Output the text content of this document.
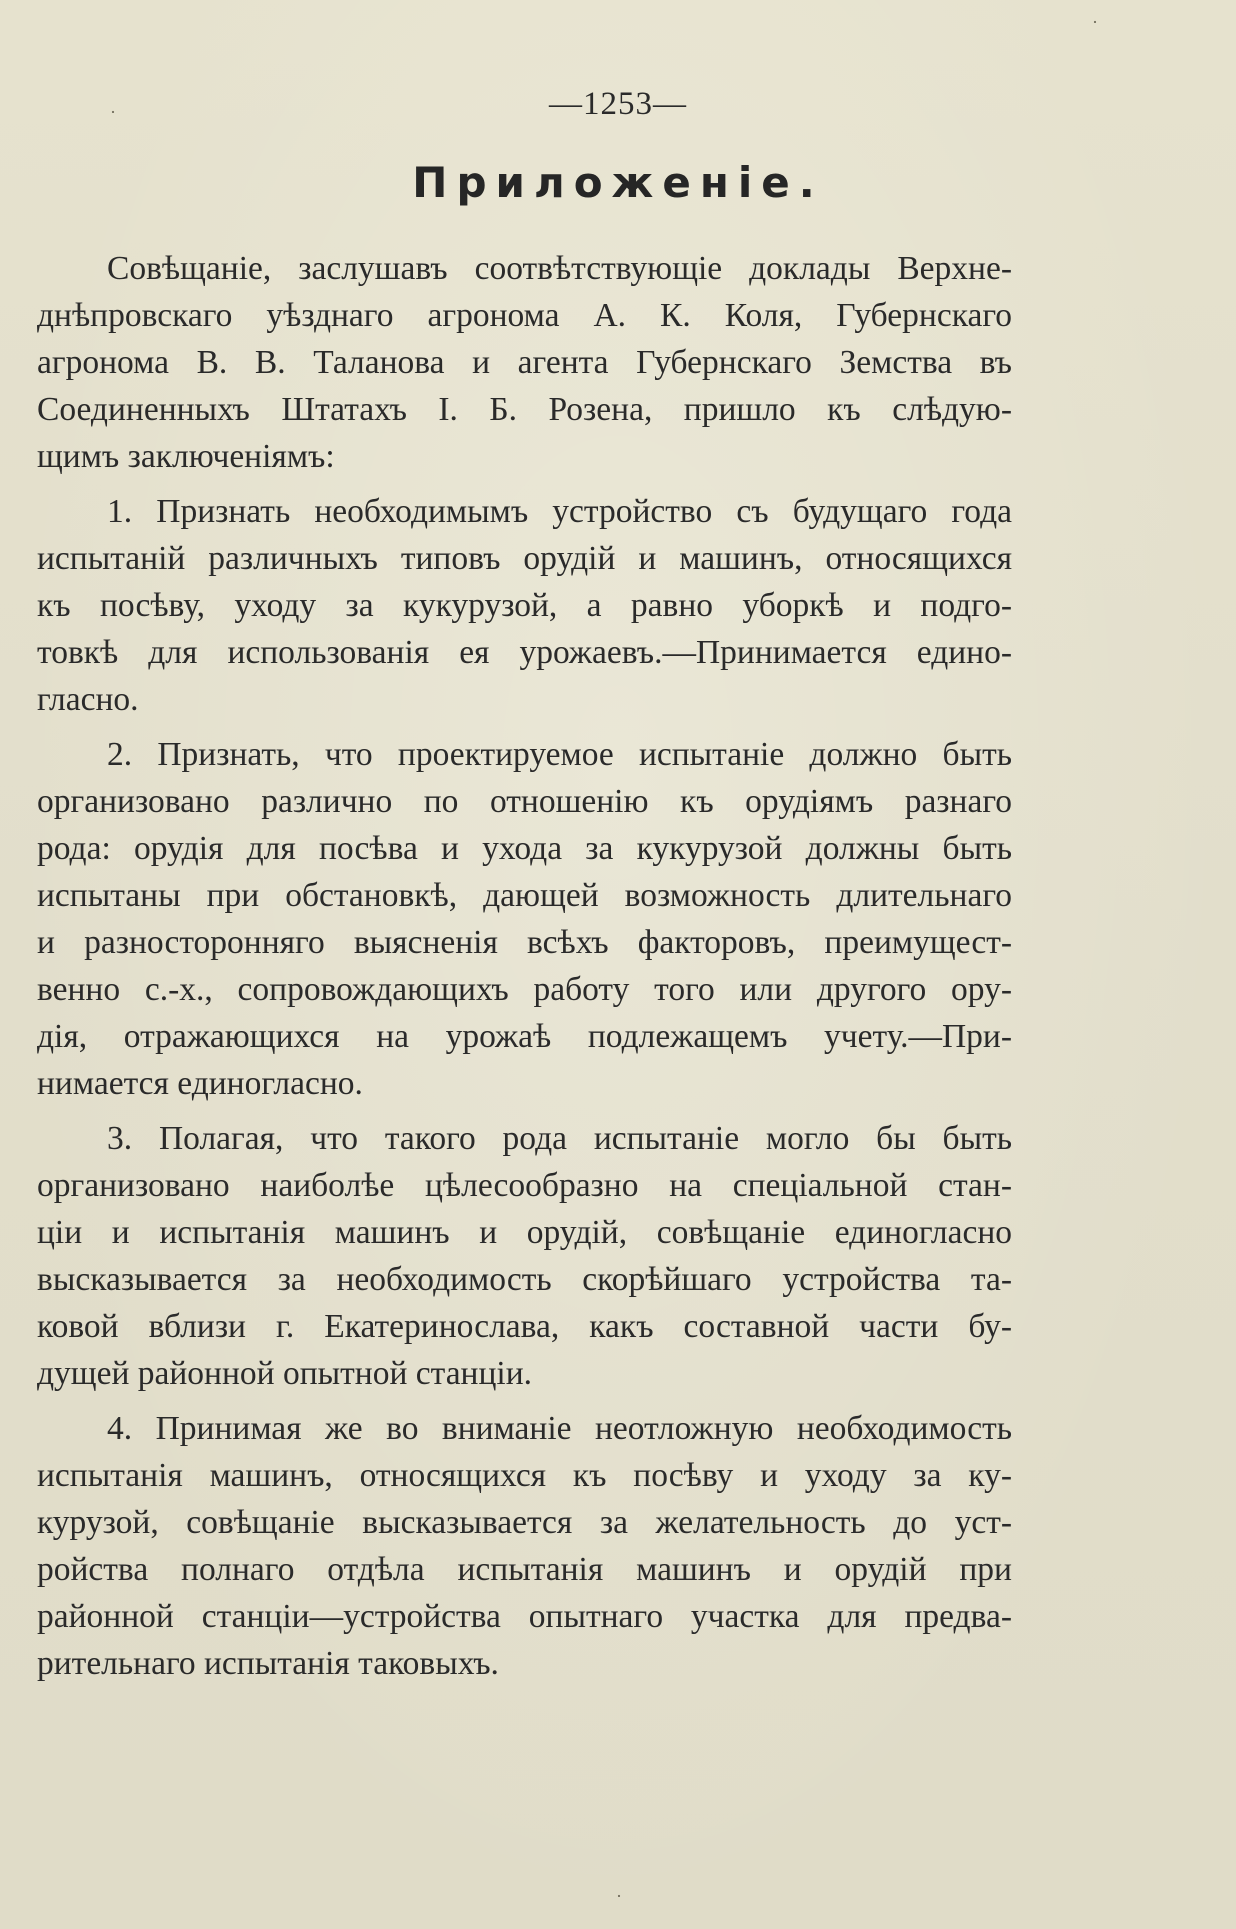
—1253—
Приложеніе.
Совѣщаніе, заслушавъ соотвѣтствующіе доклады Верхне-
днѣпровскаго уѣзднаго агронома А. К. Коля, Губернскаго
агронома В. В. Таланова и агента Губернскаго Земства въ
Соединенныхъ Штатахъ І. Б. Розена, пришло къ слѣдую-
щимъ заключеніямъ:
1. Признать необходимымъ устройство съ будущаго года
испытаній различныхъ типовъ орудій и машинъ, относящихся
къ посѣву, уходу за кукурузой, а равно уборкѣ и подго-
товкѣ для использованія ея урожаевъ.—Принимается едино-
гласно.
2. Признать, что проектируемое испытаніе должно быть
организовано различно по отношенію къ орудіямъ разнаго
рода: орудія для посѣва и ухода за кукурузой должны быть
испытаны при обстановкѣ, дающей возможность длительнаго
и разносторонняго выясненія всѣхъ факторовъ, преимущест-
венно с.-х., сопровождающихъ работу того или другого ору-
дія, отражающихся на урожаѣ подлежащемъ учету.—При-
нимается единогласно.
3. Полагая, что такого рода испытаніе могло бы быть
организовано наиболѣе цѣлесообразно на спеціальной стан-
ціи и испытанія машинъ и орудій, совѣщаніе единогласно
высказывается за необходимость скорѣйшаго устройства та-
ковой вблизи г. Екатеринослава, какъ составной части бу-
дущей районной опытной станціи.
4. Принимая же во вниманіе неотложную необходимость
испытанія машинъ, относящихся къ посѣву и уходу за ку-
курузой, совѣщаніе высказывается за желательность до уст-
ройства полнаго отдѣла испытанія машинъ и орудій при
районной станціи—устройства опытнаго участка для предва-
рительнаго испытанія таковыхъ.
·
·
·
